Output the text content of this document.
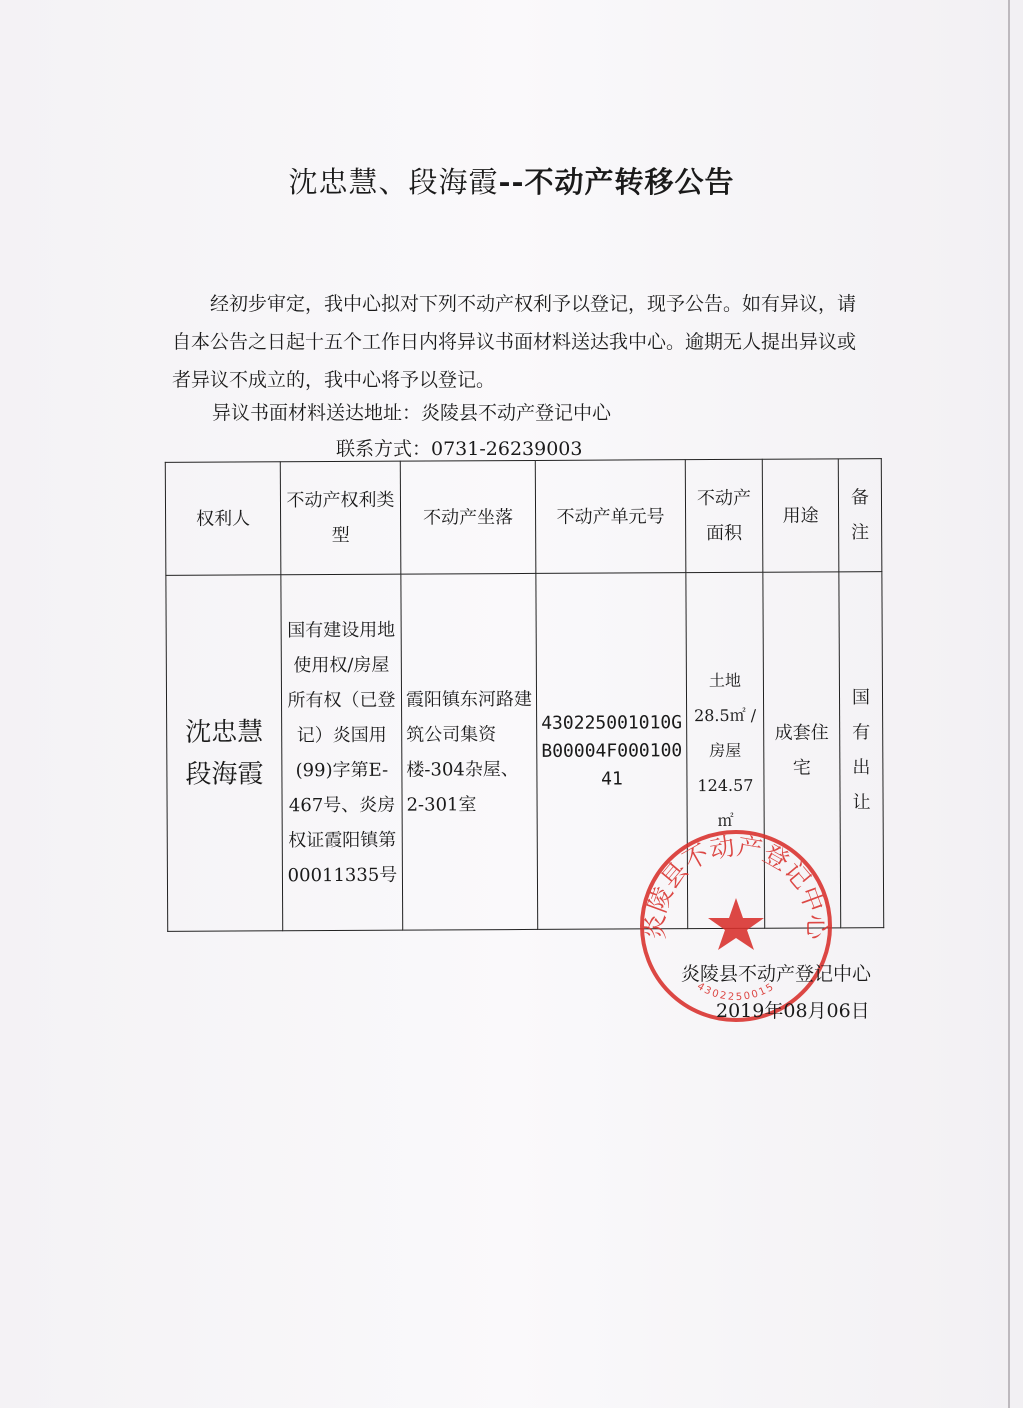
沈忠慧、段海霞--不动产转移公告
经初步审定，我中心拟对下列不动产权利予以登记，现予公告。如有异议，请自本公告之日起十五个工作日内将异议书面材料送达我中心。逾期无人提出异议或者异议不成立的，我中心将予以登记。
异议书面材料送达地址：炎陵县不动产登记中心
联系方式：0731-26239003
权利人	不动产权利类型	不动产坐落	不动产单元号	不动产面积	用途	备注
沈忠慧 段海霞	国有建设用地使用权/房屋所有权（已登记）炎国用(99)字第E-467号、炎房权证霞阳镇第00011335号	霞阳镇东河路建筑公司集资楼-304杂屋、2-301室	430225001010GB00004F00010041	土地 28.5㎡ / 房屋 124.57㎡	成套住宅	国有出让
炎陵县不动产登记中心
4302250015
炎陵县不动产登记中心
2019年08月06日
